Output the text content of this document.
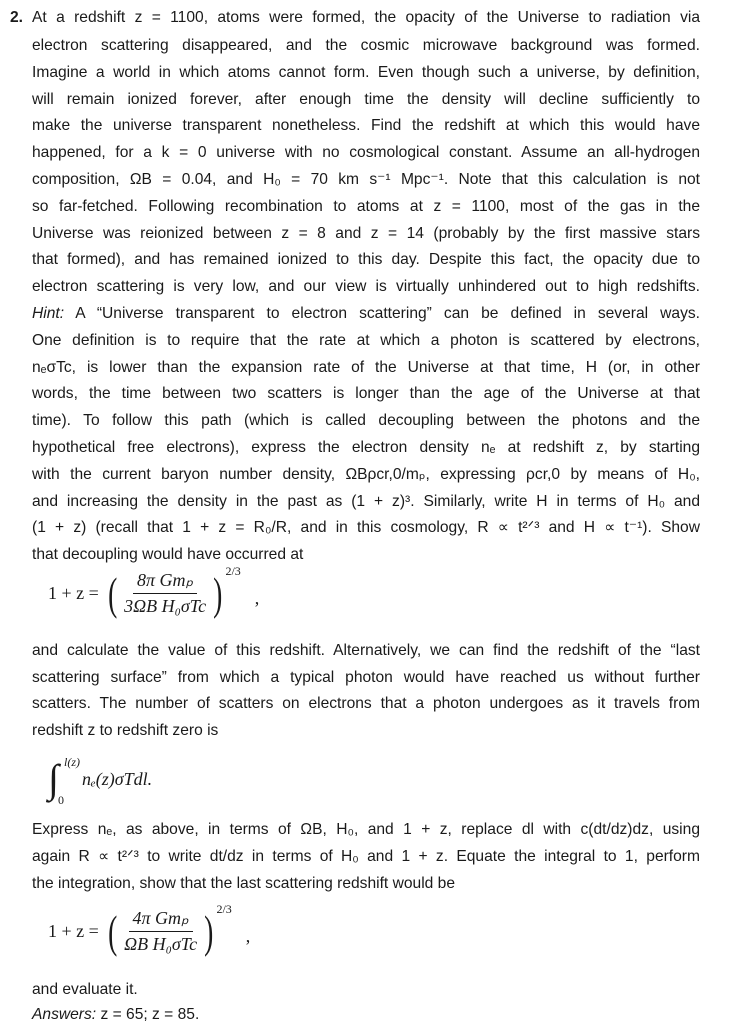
2. At a redshift z = 1100, atoms were formed, the opacity of the Universe to radiation via
electron scattering disappeared, and the cosmic microwave background was formed.
Imagine a world in which atoms cannot form. Even though such a universe, by definition,
will remain ionized forever, after enough time the density will decline sufficiently to
make the universe transparent nonetheless. Find the redshift at which this would have
happened, for a k = 0 universe with no cosmological constant. Assume an all-hydrogen
composition, ΩB = 0.04, and H₀ = 70 km s⁻¹ Mpc⁻¹. Note that this calculation is not
so far-fetched. Following recombination to atoms at z = 1100, most of the gas in the
Universe was reionized between z = 8 and z = 14 (probably by the first massive stars
that formed), and has remained ionized to this day. Despite this fact, the opacity due to
electron scattering is very low, and our view is virtually unhindered out to high redshifts.
Hint: A “Universe transparent to electron scattering” can be defined in several ways.
One definition is to require that the rate at which a photon is scattered by electrons,
nₑσTc, is lower than the expansion rate of the Universe at that time, H (or, in other
words, the time between two scatters is longer than the age of the Universe at that
time). To follow this path (which is called decoupling between the photons and the
hypothetical free electrons), express the electron density nₑ at redshift z, by starting
with the current baryon number density, ΩBρcr,0/mₚ, expressing ρcr,0 by means of H₀,
and increasing the density in the past as (1 + z)³. Similarly, write H in terms of H₀ and
(1 + z) (recall that 1 + z = R₀/R, and in this cosmology, R ∝ t²ᐟ³ and H ∝ t⁻¹). Show
that decoupling would have occurred at
and calculate the value of this redshift. Alternatively, we can find the redshift of the “last
scattering surface” from which a typical photon would have reached us without further
scatters. The number of scatters on electrons that a photon undergoes as it travels from
redshift z to redshift zero is
Express nₑ, as above, in terms of ΩB, H₀, and 1 + z, replace dl with c(dt/dz)dz, using
again R ∝ t²ᐟ³ to write dt/dz in terms of H₀ and 1 + z. Equate the integral to 1, perform
the integration, show that the last scattering redshift would be
and evaluate it.
Answers: z = 65; z = 85.
1 + z = ( $\frac{\text{8π Gmₚ}}{\text{3ΩB H₀σTc}}$ ) 2/3
,
∫ l(z)
0
nₑ(z)σTdl.
1 + z = ( $\frac{\text{4π Gmₚ}}{\text{ΩB H₀σTc}}$ ) 2/3
,
